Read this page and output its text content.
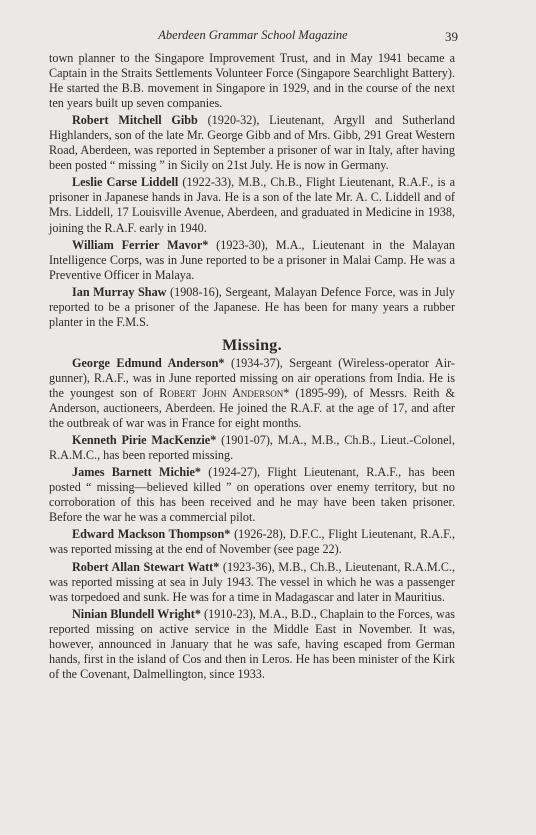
Aberdeen Grammar School Magazine	39

town planner to the Singapore Improvement Trust, and in May 1941 became a Captain in the Straits Settlements Volunteer Force (Singapore Searchlight Battery). He started the B.B. movement in Singapore in 1929, and in the course of the next ten years built up seven companies.

Robert Mitchell Gibb (1920-32), Lieutenant, Argyll and Sutherland Highlanders, son of the late Mr. George Gibb and of Mrs. Gibb, 291 Great Western Road, Aberdeen, was reported in September a prisoner of war in Italy, after having been posted “ missing ” in Sicily on 21st July. He is now in Germany.

Leslie Carse Liddell (1922-33), M.B., Ch.B., Flight Lieutenant, R.A.F., is a prisoner in Japanese hands in Java. He is a son of the late Mr. A. C. Liddell and of Mrs. Liddell, 17 Louisville Avenue, Aberdeen, and graduated in Medicine in 1938, joining the R.A.F. early in 1940.

William Ferrier Mavor* (1923-30), M.A., Lieutenant in the Malayan Intelligence Corps, was in June reported to be a prisoner in Malai Camp. He was a Preventive Officer in Malaya.

Ian Murray Shaw (1908-16), Sergeant, Malayan Defence Force, was in July reported to be a prisoner of the Japanese. He has been for many years a rubber planter in the F.M.S.

Missing.

George Edmund Anderson* (1934-37), Sergeant (Wireless-operator Air-gunner), R.A.F., was in June reported missing on air operations from India. He is the youngest son of Robert John Anderson* (1895-99), of Messrs. Reith & Anderson, auctioneers, Aberdeen. He joined the R.A.F. at the age of 17, and after the outbreak of war was in France for eight months.

Kenneth Pirie MacKenzie* (1901-07), M.A., M.B., Ch.B., Lieut.-Colonel, R.A.M.C., has been reported missing.

James Barnett Michie* (1924-27), Flight Lieutenant, R.A.F., has been posted “ missing—believed killed ” on operations over enemy territory, but no corroboration of this has been received and he may have been taken prisoner. Before the war he was a commercial pilot.

Edward Mackson Thompson* (1926-28), D.F.C., Flight Lieutenant, R.A.F., was reported missing at the end of November (see page 22).

Robert Allan Stewart Watt* (1923-36), M.B., Ch.B., Lieutenant, R.A.M.C., was reported missing at sea in July 1943. The vessel in which he was a passenger was torpedoed and sunk. He was for a time in Madagascar and later in Mauritius.

Ninian Blundell Wright* (1910-23), M.A., B.D., Chaplain to the Forces, was reported missing on active service in the Middle East in November. It was, however, announced in January that he was safe, having escaped from German hands, first in the island of Cos and then in Leros. He has been minister of the Kirk of the Covenant, Dalmellington, since 1933.
